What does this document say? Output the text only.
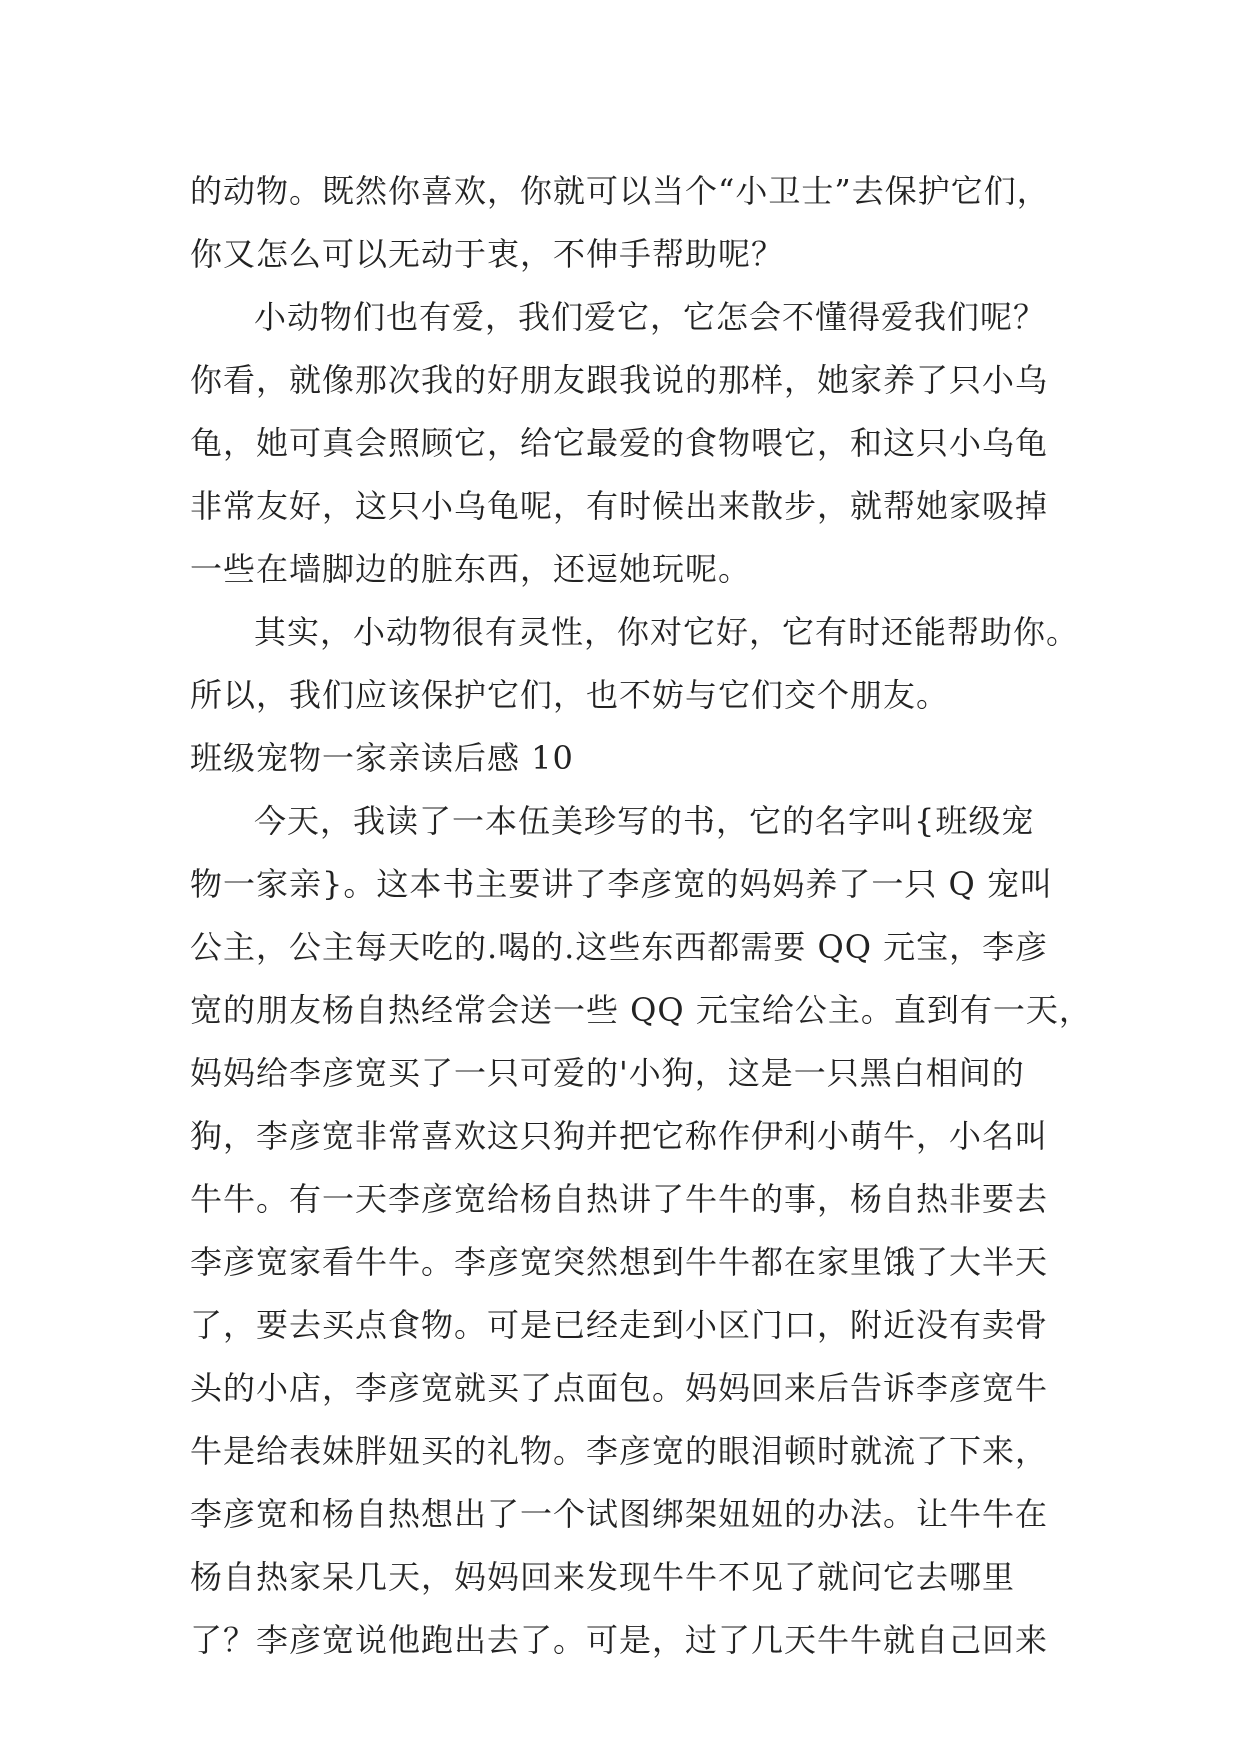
的动物。既然你喜欢，你就可以当个“小卫士”去保护它们，
你又怎么可以无动于衷，不伸手帮助呢？
小动物们也有爱，我们爱它，它怎会不懂得爱我们呢？
你看，就像那次我的好朋友跟我说的那样，她家养了只小乌
龟，她可真会照顾它，给它最爱的食物喂它，和这只小乌龟
非常友好，这只小乌龟呢，有时候出来散步，就帮她家吸掉
一些在墙脚边的脏东西，还逗她玩呢。
其实，小动物很有灵性，你对它好，它有时还能帮助你。
所以，我们应该保护它们，也不妨与它们交个朋友。
班级宠物一家亲读后感 10
今天，我读了一本伍美珍写的书，它的名字叫{班级宠
物一家亲}。这本书主要讲了李彦宽的妈妈养了一只 Q 宠叫
公主，公主每天吃的.喝的.这些东西都需要 QQ 元宝，李彦
宽的朋友杨自热经常会送一些 QQ 元宝给公主。直到有一天，
妈妈给李彦宽买了一只可爱的'小狗，这是一只黑白相间的
狗，李彦宽非常喜欢这只狗并把它称作伊利小萌牛，小名叫
牛牛。有一天李彦宽给杨自热讲了牛牛的事，杨自热非要去
李彦宽家看牛牛。李彦宽突然想到牛牛都在家里饿了大半天
了，要去买点食物。可是已经走到小区门口，附近没有卖骨
头的小店，李彦宽就买了点面包。妈妈回来后告诉李彦宽牛
牛是给表妹胖妞买的礼物。李彦宽的眼泪顿时就流了下来，
李彦宽和杨自热想出了一个试图绑架妞妞的办法。让牛牛在
杨自热家呆几天，妈妈回来发现牛牛不见了就问它去哪里
了？李彦宽说他跑出去了。可是，过了几天牛牛就自己回来
